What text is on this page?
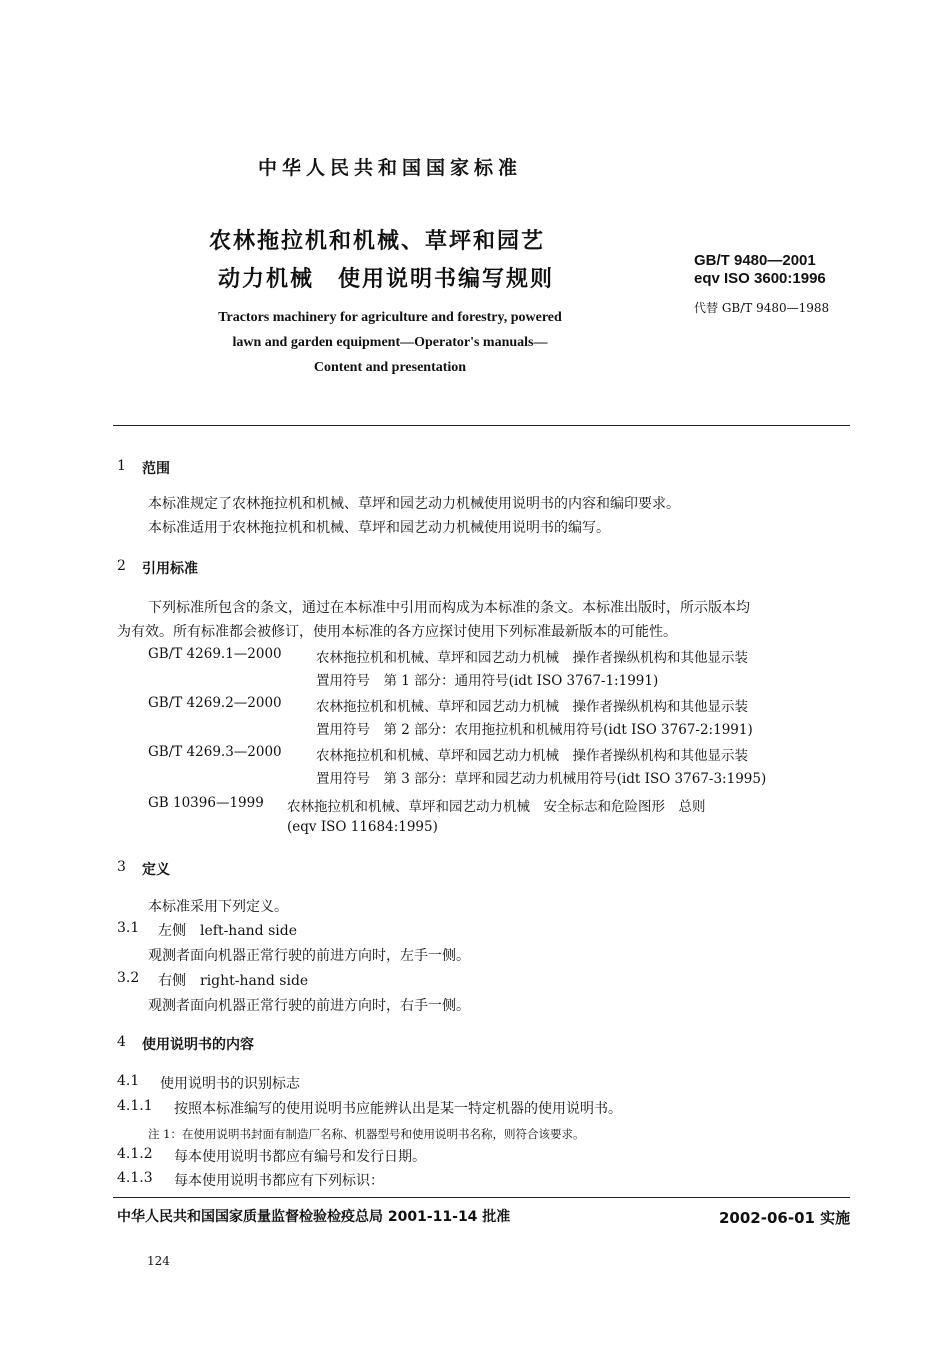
中华人民共和国国家标准
农林拖拉机和机械、草坪和园艺
动力机械　使用说明书编写规则
GB/T 9480—2001
eqv ISO 3600:1996
代替 GB/T 9480—1988
Tractors machinery for agriculture and forestry, powered
lawn and garden equipment—Operator's manuals—
Content and presentation
1 范围
本标准规定了农林拖拉机和机械、草坪和园艺动力机械使用说明书的内容和编印要求。
本标准适用于农林拖拉机和机械、草坪和园艺动力机械使用说明书的编写。
2 引用标准
下列标准所包含的条文，通过在本标准中引用而构成为本标准的条文。本标准出版时，所示版本均
为有效。所有标准都会被修订，使用本标准的各方应探讨使用下列标准最新版本的可能性。
GB/T 4269.1—2000	农林拖拉机和机械、草坪和园艺动力机械　操作者操纵机构和其他显示装
置用符号　第 1 部分：通用符号(idt ISO 3767-1:1991)
GB/T 4269.2—2000	农林拖拉机和机械、草坪和园艺动力机械　操作者操纵机构和其他显示装
置用符号　第 2 部分：农用拖拉机和机械用符号(idt ISO 3767-2:1991)
GB/T 4269.3—2000	农林拖拉机和机械、草坪和园艺动力机械　操作者操纵机构和其他显示装
置用符号　第 3 部分：草坪和园艺动力机械用符号(idt ISO 3767-3:1995)
GB 10396—1999 农林拖拉机和机械、草坪和园艺动力机械　安全标志和危险图形　总则
(eqv ISO 11684:1995)
3 定义
本标准采用下列定义。
3.1 左侧　left-hand side
观测者面向机器正常行驶的前进方向时，左手一侧。
3.2 右侧　right-hand side
观测者面向机器正常行驶的前进方向时，右手一侧。
4 使用说明书的内容
4.1 使用说明书的识别标志
4.1.1 按照本标准编写的使用说明书应能辨认出是某一特定机器的使用说明书。
注 1：在使用说明书封面有制造厂名称、机器型号和使用说明书名称，则符合该要求。
4.1.2 每本使用说明书都应有编号和发行日期。
4.1.3 每本使用说明书都应有下列标识：
中华人民共和国国家质量监督检验检疫总局 2001-11-14 批准	2002-06-01 实施
124
